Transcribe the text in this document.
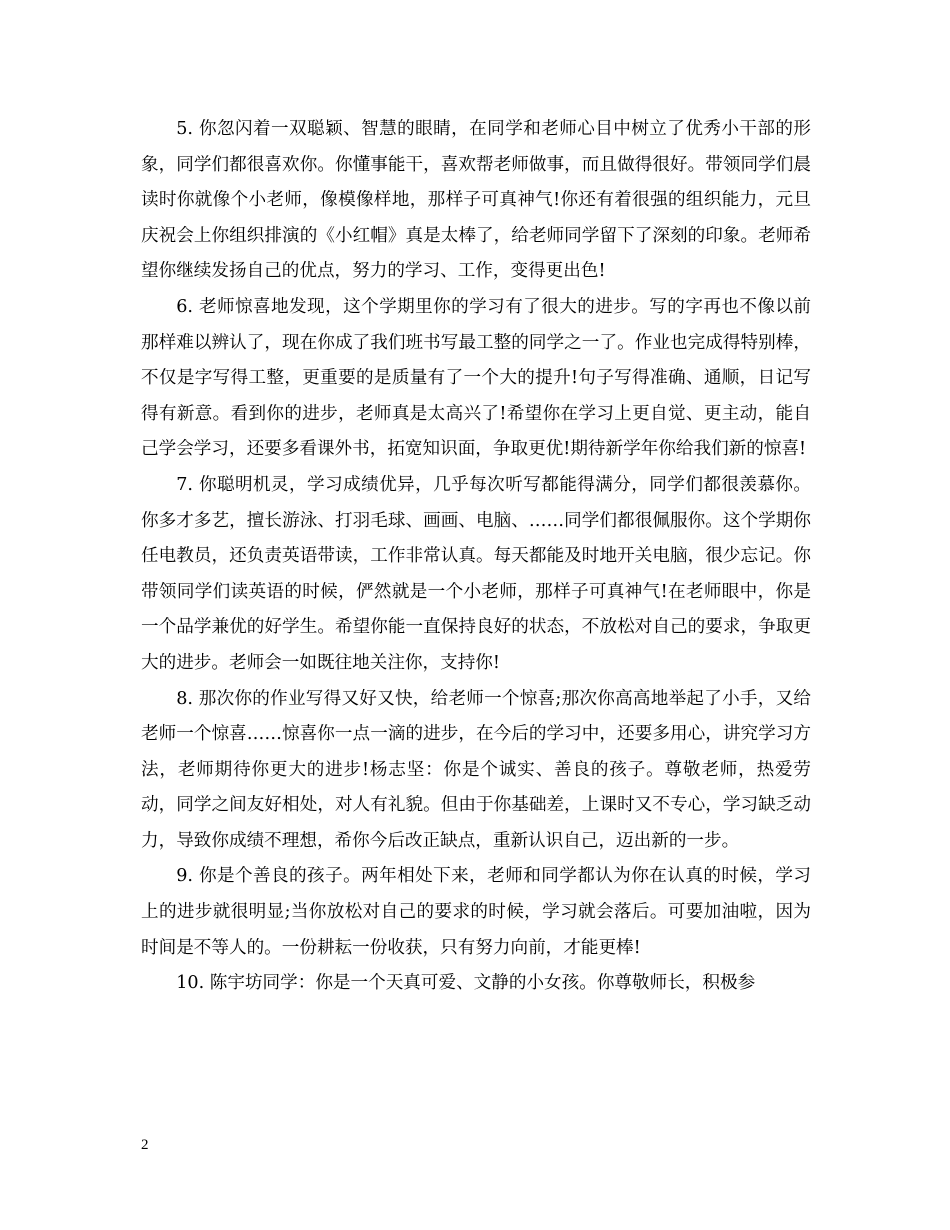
5. 你忽闪着一双聪颖、智慧的眼睛，在同学和老师心目中树立了优秀小干部的形象，同学们都很喜欢你。你懂事能干，喜欢帮老师做事，而且做得很好。带领同学们晨读时你就像个小老师，像模像样地，那样子可真神气!你还有着很强的组织能力，元旦庆祝会上你组织排演的《小红帽》真是太棒了，给老师同学留下了深刻的印象。老师希望你继续发扬自己的优点，努力的学习、工作，变得更出色!

6. 老师惊喜地发现，这个学期里你的学习有了很大的进步。写的字再也不像以前那样难以辨认了，现在你成了我们班书写最工整的同学之一了。作业也完成得特别棒，不仅是字写得工整，更重要的是质量有了一个大的提升!句子写得准确、通顺，日记写得有新意。看到你的进步，老师真是太高兴了!希望你在学习上更自觉、更主动，能自己学会学习，还要多看课外书，拓宽知识面，争取更优!期待新学年你给我们新的惊喜!

7. 你聪明机灵，学习成绩优异，几乎每次听写都能得满分，同学们都很羡慕你。你多才多艺，擅长游泳、打羽毛球、画画、电脑、……同学们都很佩服你。这个学期你任电教员，还负责英语带读，工作非常认真。每天都能及时地开关电脑，很少忘记。你带领同学们读英语的时候，俨然就是一个小老师，那样子可真神气!在老师眼中，你是一个品学兼优的好学生。希望你能一直保持良好的状态，不放松对自己的要求，争取更大的进步。老师会一如既往地关注你，支持你!

8. 那次你的作业写得又好又快，给老师一个惊喜;那次你高高地举起了小手，又给老师一个惊喜……惊喜你一点一滴的进步，在今后的学习中，还要多用心，讲究学习方法，老师期待你更大的进步!杨志坚：你是个诚实、善良的孩子。尊敬老师，热爱劳动，同学之间友好相处，对人有礼貌。但由于你基础差，上课时又不专心，学习缺乏动力，导致你成绩不理想，希你今后改正缺点，重新认识自己，迈出新的一步。

9. 你是个善良的孩子。两年相处下来，老师和同学都认为你在认真的时候，学习上的进步就很明显;当你放松对自己的要求的时候，学习就会落后。可要加油啦，因为时间是不等人的。一份耕耘一份收获，只有努力向前，才能更棒!

10. 陈宇坊同学：你是一个天真可爱、文静的小女孩。你尊敬师长，积极参

2
